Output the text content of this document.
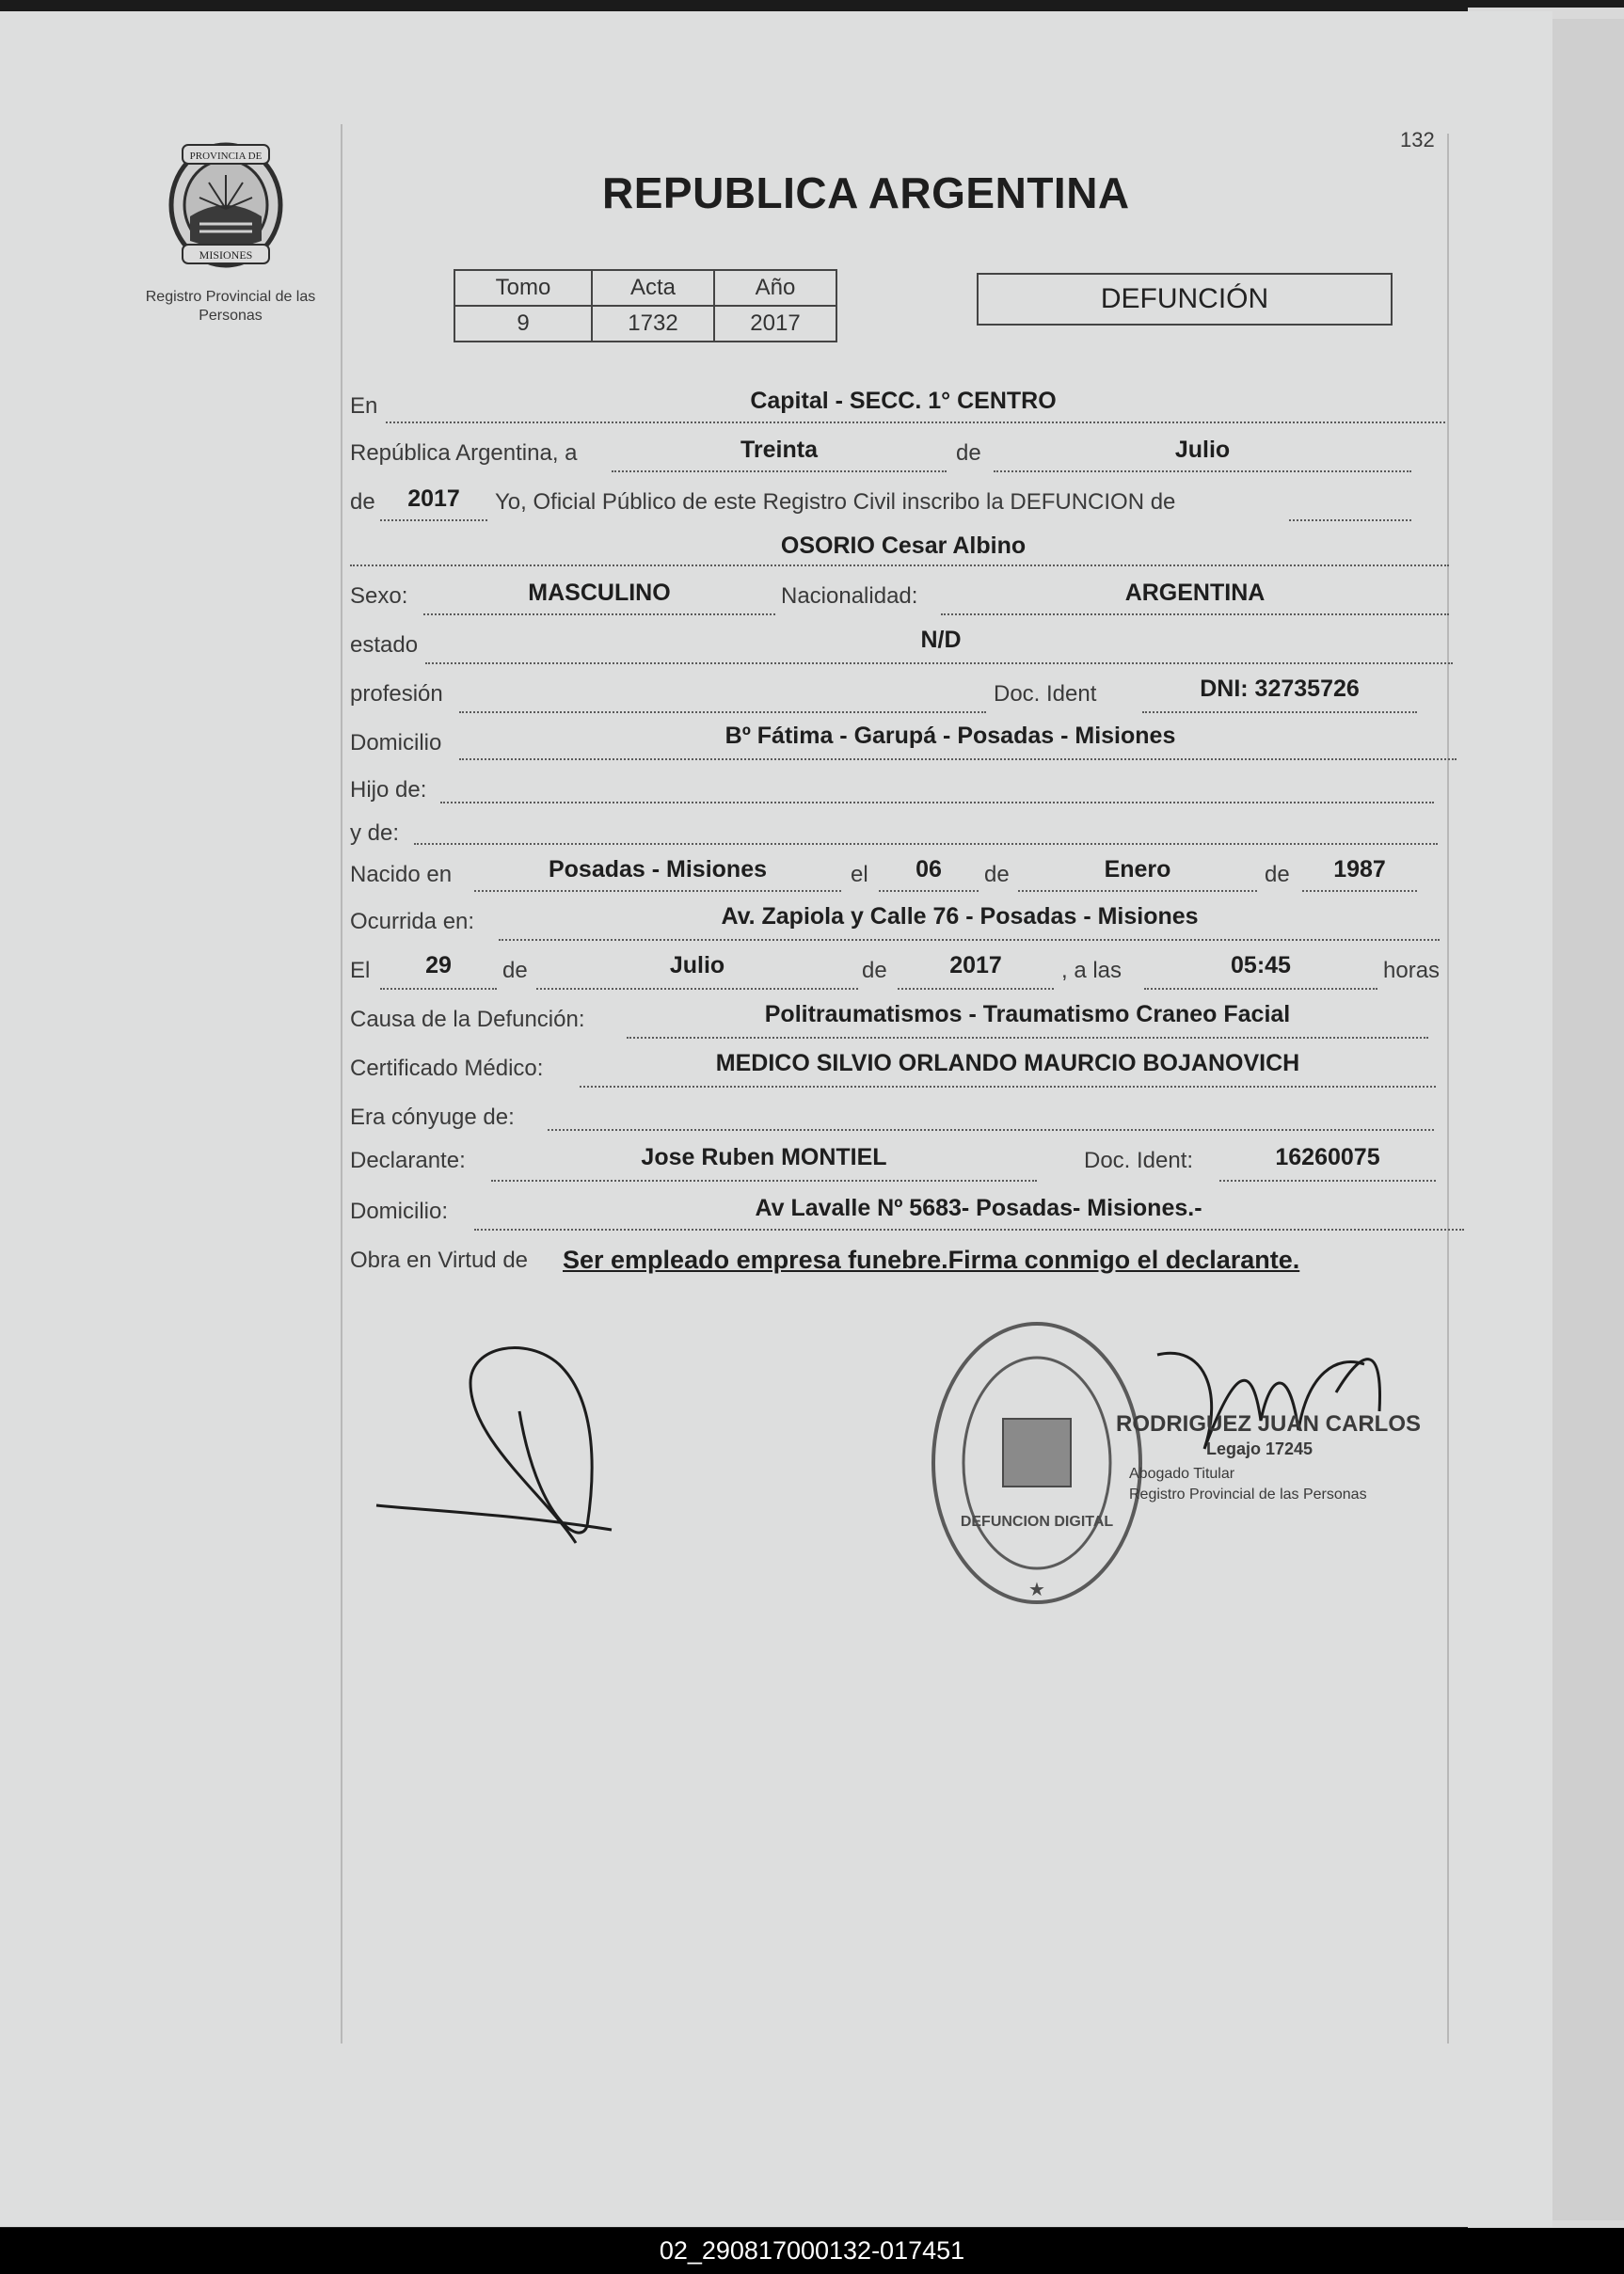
PROVINCIA DE
MISIONES
Registro Provincial de las Personas
132
REPUBLICA ARGENTINA
Tomo	Acta	Año
9	1732	2017
DEFUNCIÓN
En	Capital - SECC. 1° CENTRO
República Argentina, a	Treinta	de	Julio
de	2017	Yo, Oficial Público de este Registro Civil inscribo la DEFUNCION de
OSORIO Cesar Albino
Sexo:	MASCULINO	Nacionalidad:	ARGENTINA
estado	N/D
profesión	Doc. Ident	DNI: 32735726
Domicilio	Bº Fátima - Garupá - Posadas - Misiones
Hijo de:
y de:
Nacido en	Posadas - Misiones	el	06	de	Enero	de	1987
Ocurrida en:	Av. Zapiola y Calle 76 - Posadas - Misiones
El	29	de	Julio	de	2017	, a las	05:45	horas
Causa de la Defunción:	Politraumatismos - Traumatismo Craneo Facial
Certificado Médico:	MEDICO SILVIO ORLANDO MAURCIO BOJANOVICH
Era cónyuge de:
Declarante:	Jose Ruben MONTIEL	Doc. Ident:	16260075
Domicilio:	Av Lavalle Nº 5683- Posadas- Misiones.-
Obra en Virtud de Ser empleado empresa funebre.Firma conmigo el declarante.
DEFUNCION DIGITAL
★
RODRIGUEZ JUAN CARLOS
Legajo 17245
Abogado Titular
Registro Provincial de las Personas
02_290817000132-017451
